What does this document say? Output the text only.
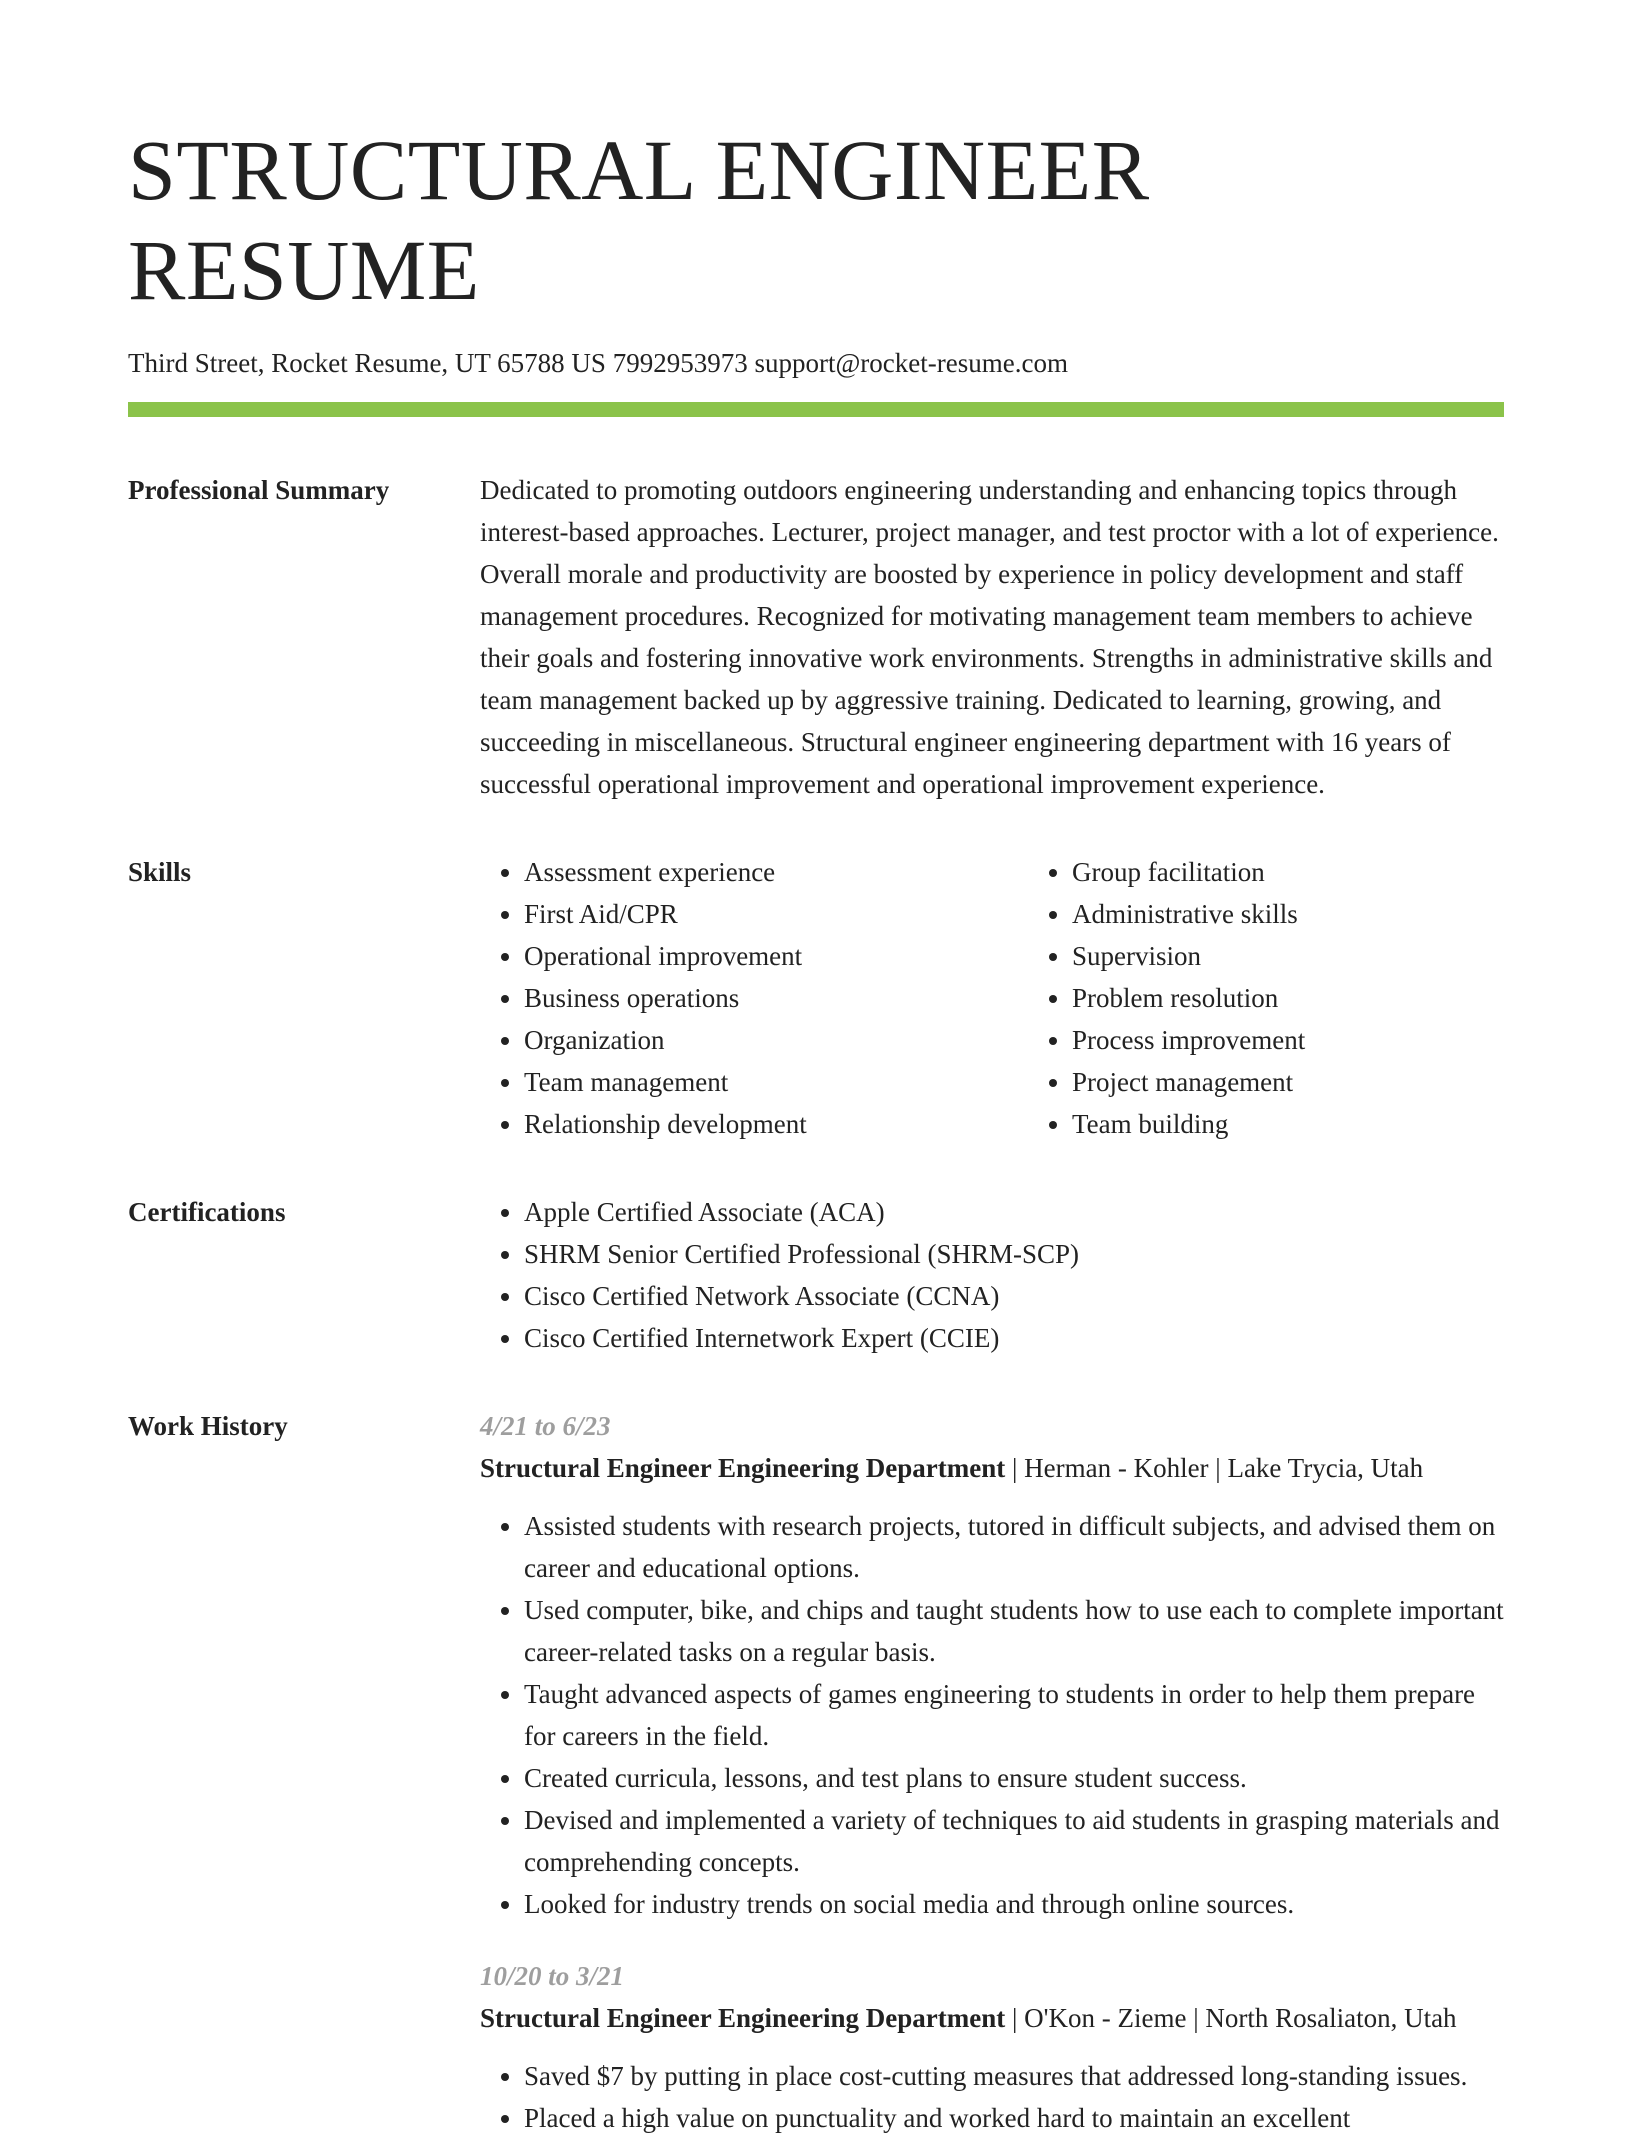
STRUCTURAL ENGINEER RESUME
Third Street, Rocket Resume, UT 65788 US 7992953973 support@rocket-resume.com
Professional Summary	Dedicated to promoting outdoors engineering understanding and enhancing topics through interest-based approaches. Lecturer, project manager, and test proctor with a lot of experience. Overall morale and productivity are boosted by experience in policy development and staff management procedures. Recognized for motivating management team members to achieve their goals and fostering innovative work environments. Strengths in administrative skills and team management backed up by aggressive training. Dedicated to learning, growing, and succeeding in miscellaneous. Structural engineer engineering department with 16 years of successful operational improvement and operational improvement experience.

Skills	• Assessment experience
• First Aid/CPR
• Operational improvement
• Business operations
• Organization
• Team management
• Relationship development
• Group facilitation
• Administrative skills
• Supervision
• Problem resolution
• Process improvement
• Project management
• Team building
Certifications	• Apple Certified Associate (ACA)
• SHRM Senior Certified Professional (SHRM-SCP)
• Cisco Certified Network Associate (CCNA)
• Cisco Certified Internetwork Expert (CCIE)
Work History	4/21 to 6/23
Structural Engineer Engineering Department | Herman - Kohler | Lake Trycia, Utah
• Assisted students with research projects, tutored in difficult subjects, and advised them on career and educational options.
• Used computer, bike, and chips and taught students how to use each to complete important career-related tasks on a regular basis.
• Taught advanced aspects of games engineering to students in order to help them prepare for careers in the field.
• Created curricula, lessons, and test plans to ensure student success.
• Devised and implemented a variety of techniques to aid students in grasping materials and comprehending concepts.
• Looked for industry trends on social media and through online sources.
10/20 to 3/21
Structural Engineer Engineering Department | O'Kon - Zieme | North Rosaliaton, Utah
• Saved $7 by putting in place cost-cutting measures that addressed long-standing issues.
• Placed a high value on punctuality and worked hard to maintain an excellent
